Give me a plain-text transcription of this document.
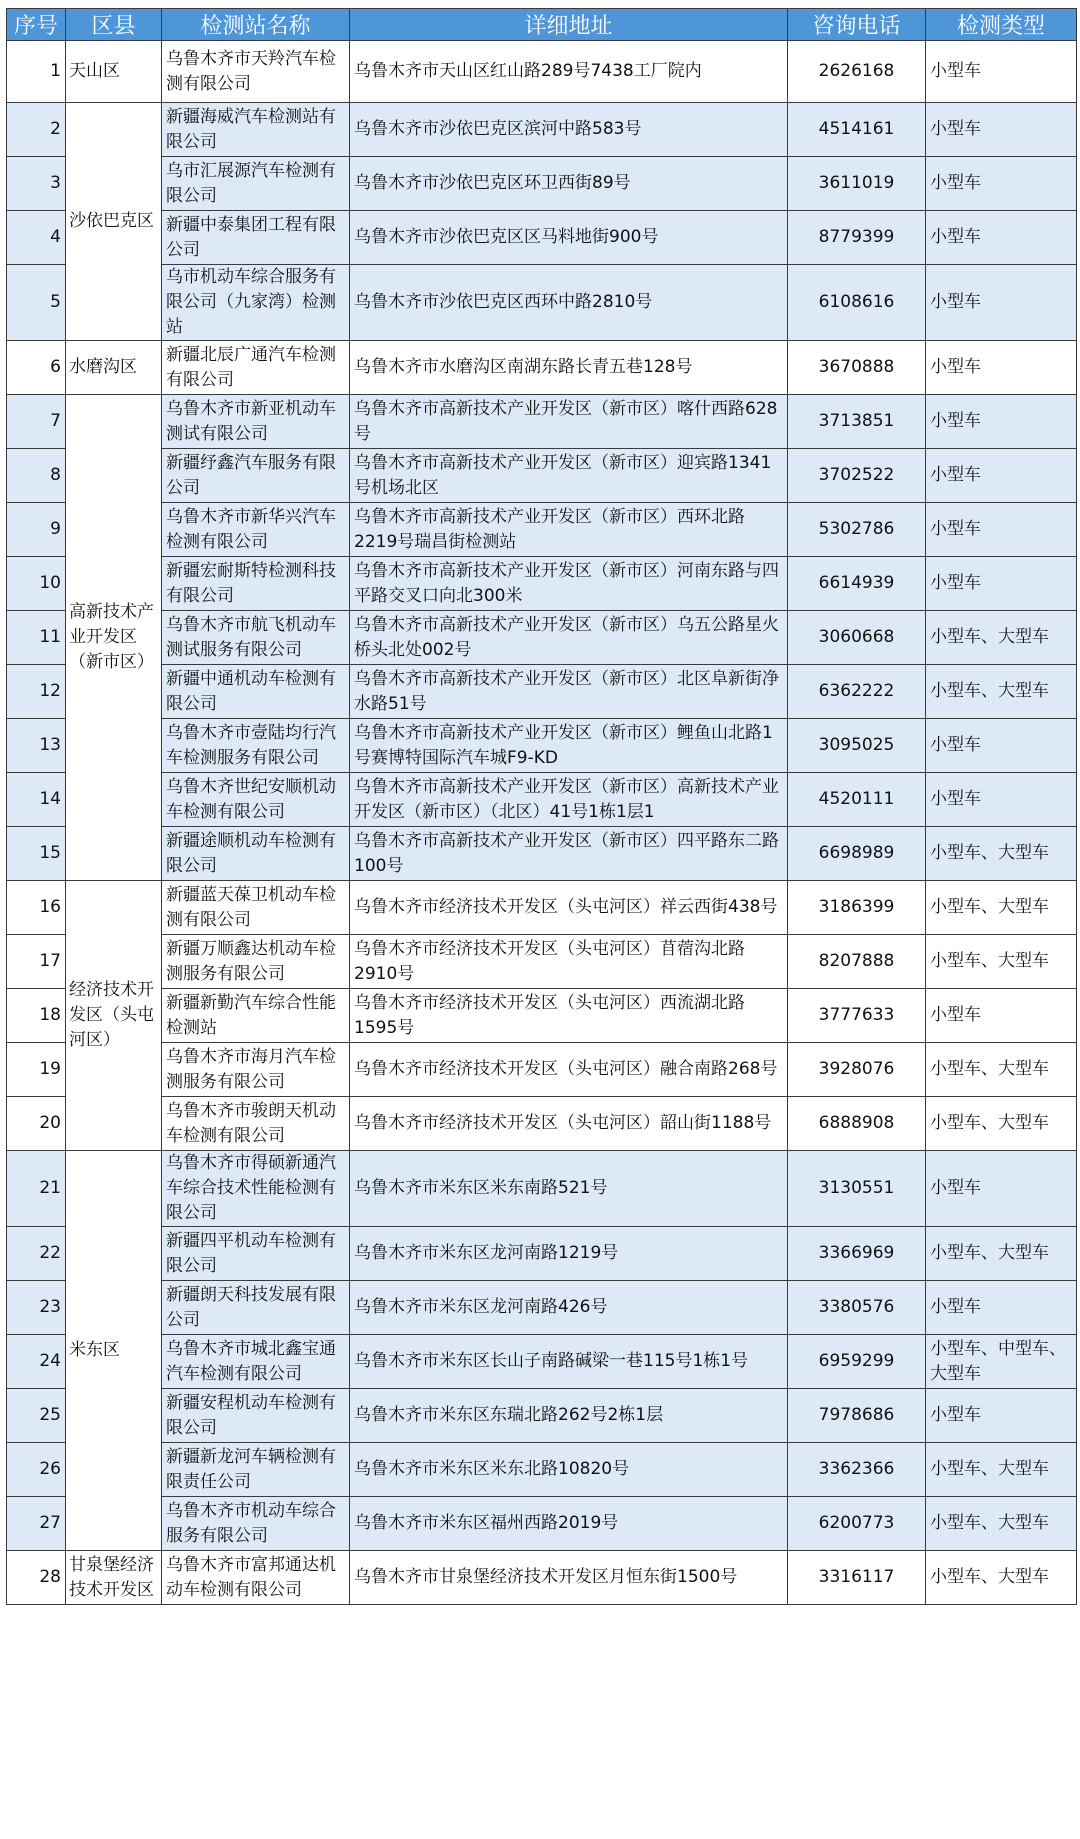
序号	区县	检测站名称	详细地址	咨询电话	检测类型
1	天山区	乌鲁木齐市天羚汽车检测有限公司	乌鲁木齐市天山区红山路289号7438工厂院内	2626168	小型车
2	沙依巴克区	新疆海威汽车检测站有限公司	乌鲁木齐市沙依巴克区滨河中路583号	4514161	小型车
3		乌市汇展源汽车检测有限公司	乌鲁木齐市沙依巴克区环卫西街89号	3611019	小型车
4		新疆中泰集团工程有限公司	乌鲁木齐市沙依巴克区区马料地街900号	8779399	小型车
5		乌市机动车综合服务有限公司（九家湾）检测站	乌鲁木齐市沙依巴克区西环中路2810号	6108616	小型车
6	水磨沟区	新疆北辰广通汽车检测有限公司	乌鲁木齐市水磨沟区南湖东路长青五巷128号	3670888	小型车
7	高新技术产业开发区（新市区）	乌鲁木齐市新亚机动车测试有限公司	乌鲁木齐市高新技术产业开发区（新市区）喀什西路628号	3713851	小型车
8		新疆纾鑫汽车服务有限公司	乌鲁木齐市高新技术产业开发区（新市区）迎宾路1341号机场北区	3702522	小型车
9		乌鲁木齐市新华兴汽车检测有限公司	乌鲁木齐市高新技术产业开发区（新市区）西环北路2219号瑞昌街检测站	5302786	小型车
10		新疆宏耐斯特检测科技有限公司	乌鲁木齐市高新技术产业开发区（新市区）河南东路与四平路交叉口向北300米	6614939	小型车
11		乌鲁木齐市航飞机动车测试服务有限公司	乌鲁木齐市高新技术产业开发区（新市区）乌五公路星火桥头北处002号	3060668	小型车、大型车
12		新疆中通机动车检测有限公司	乌鲁木齐市高新技术产业开发区（新市区）北区阜新街净水路51号	6362222	小型车、大型车
13		乌鲁木齐市壹陆均行汽车检测服务有限公司	乌鲁木齐市高新技术产业开发区（新市区）鲤鱼山北路1号赛博特国际汽车城F9-KD	3095025	小型车
14		乌鲁木齐世纪安顺机动车检测有限公司	乌鲁木齐市高新技术产业开发区（新市区）高新技术产业开发区（新市区）（北区）41号1栋1层1	4520111	小型车
15		新疆途顺机动车检测有限公司	乌鲁木齐市高新技术产业开发区（新市区）四平路东二路100号	6698989	小型车、大型车
16	经济技术开发区（头屯河区）	新疆蓝天葆卫机动车检测有限公司	乌鲁木齐市经济技术开发区（头屯河区）祥云西街438号	3186399	小型车、大型车
17		新疆万顺鑫达机动车检测服务有限公司	乌鲁木齐市经济技术开发区（头屯河区）苜蓿沟北路2910号	8207888	小型车、大型车
18		新疆新勤汽车综合性能检测站	乌鲁木齐市经济技术开发区（头屯河区）西流湖北路1595号	3777633	小型车
19		乌鲁木齐市海月汽车检测服务有限公司	乌鲁木齐市经济技术开发区（头屯河区）融合南路268号	3928076	小型车、大型车
20		乌鲁木齐市骏朗天机动车检测有限公司	乌鲁木齐市经济技术开发区（头屯河区）韶山街1188号	6888908	小型车、大型车
21	米东区	乌鲁木齐市得硕新通汽车综合技术性能检测有限公司	乌鲁木齐市米东区米东南路521号	3130551	小型车
22		新疆四平机动车检测有限公司	乌鲁木齐市米东区龙河南路1219号	3366969	小型车、大型车
23		新疆朗天科技发展有限公司	乌鲁木齐市米东区龙河南路426号	3380576	小型车
24		乌鲁木齐市城北鑫宝通汽车检测有限公司	乌鲁木齐市米东区长山子南路碱梁一巷115号1栋1号	6959299	小型车、中型车、大型车
25		新疆安程机动车检测有限公司	乌鲁木齐市米东区东瑞北路262号2栋1层	7978686	小型车
26		新疆新龙河车辆检测有限责任公司	乌鲁木齐市米东区米东北路10820号	3362366	小型车、大型车
27		乌鲁木齐市机动车综合服务有限公司	乌鲁木齐市米东区福州西路2019号	6200773	小型车、大型车
28	甘泉堡经济技术开发区	乌鲁木齐市富邦通达机动车检测有限公司	乌鲁木齐市甘泉堡经济技术开发区月恒东街1500号	3316117	小型车、大型车
